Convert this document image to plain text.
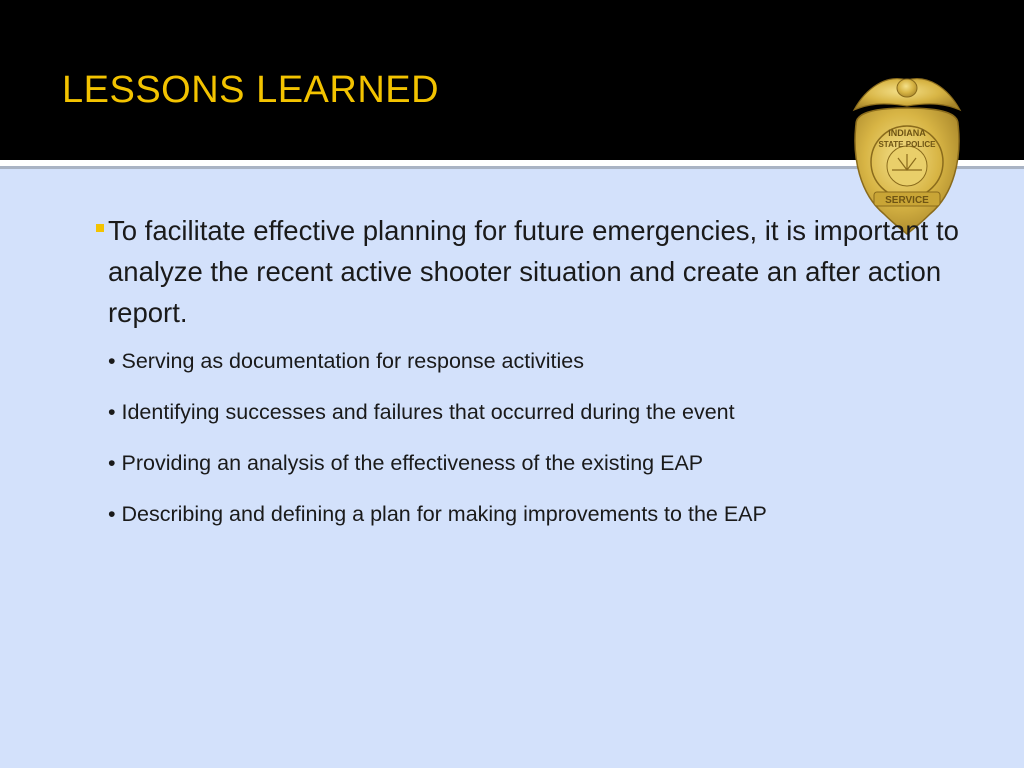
LESSONS LEARNED
INDIANA
STATE POLICE
SERVICE

To facilitate effective planning for future emergencies, it is important to analyze the recent active shooter situation and create an after action report.

• Serving as documentation for response activities
• Identifying successes and failures that occurred during the event
• Providing an analysis of the effectiveness of the existing EAP
• Describing and defining a plan for making improvements to the EAP
